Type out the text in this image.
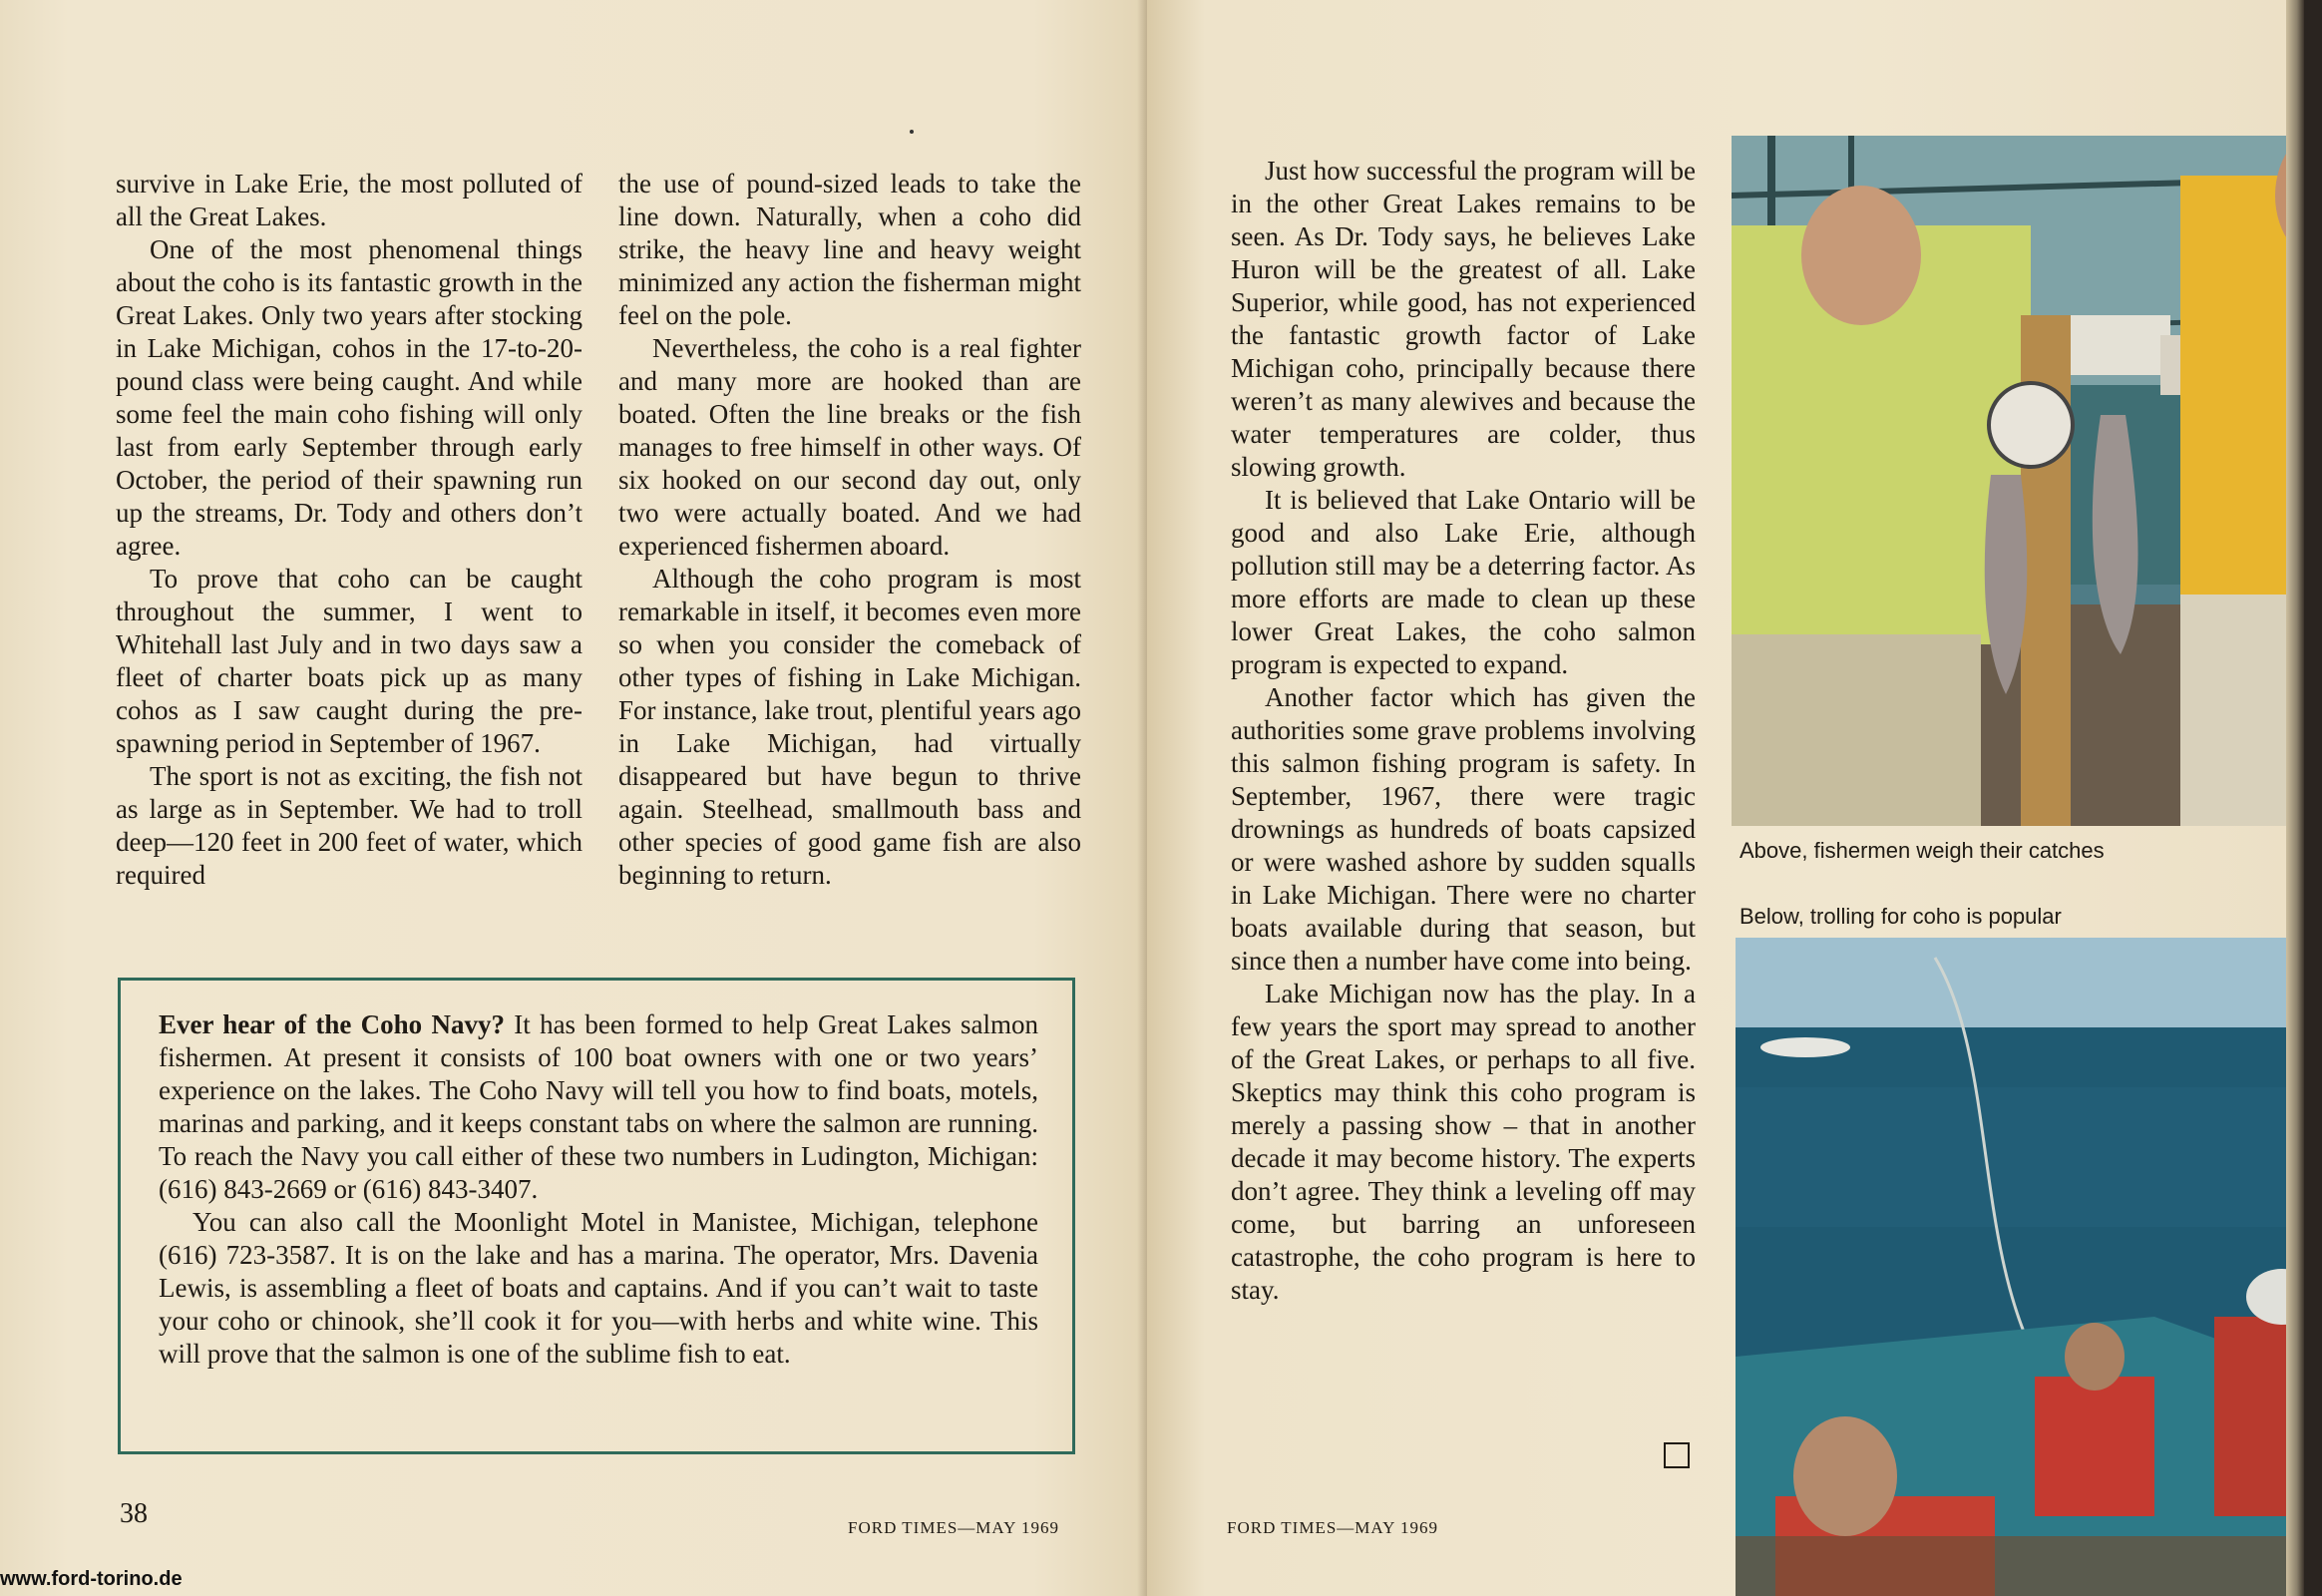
survive in Lake Erie, the most polluted of all the Great Lakes.

One of the most phenomenal things about the coho is its fantastic growth in the Great Lakes. Only two years after stocking in Lake Michigan, cohos in the 17-to-20-pound class were being caught. And while some feel the main coho fishing will only last from early September through early October, the period of their spawning run up the streams, Dr. Tody and others don’t agree.

To prove that coho can be caught throughout the summer, I went to Whitehall last July and in two days saw a fleet of charter boats pick up as many cohos as I saw caught during the pre-spawning period in September of 1967.

The sport is not as exciting, the fish not as large as in September. We had to troll deep—120 feet in 200 feet of water, which required

the use of pound-sized leads to take the line down. Naturally, when a coho did strike, the heavy line and heavy weight minimized any action the fisherman might feel on the pole.

Nevertheless, the coho is a real fighter and many more are hooked than are boated. Often the line breaks or the fish manages to free himself in other ways. Of six hooked on our second day out, only two were actually boated. And we had experienced fishermen aboard.

Although the coho program is most remarkable in itself, it becomes even more so when you consider the comeback of other types of fishing in Lake Michigan. For instance, lake trout, plentiful years ago in Lake Michigan, had virtually disappeared but have begun to thrive again. Steelhead, smallmouth bass and other species of good game fish are also beginning to return.

Ever hear of the Coho Navy? It has been formed to help Great Lakes salmon fishermen. At present it consists of 100 boat owners with one or two years’ experience on the lakes. The Coho Navy will tell you how to find boats, motels, marinas and parking, and it keeps constant tabs on where the salmon are running. To reach the Navy you call either of these two numbers in Ludington, Michigan: (616) 843-2669 or (616) 843-3407.

You can also call the Moonlight Motel in Manistee, Michigan, telephone (616) 723-3587. It is on the lake and has a marina. The operator, Mrs. Davenia Lewis, is assembling a fleet of boats and captains. And if you can’t wait to taste your coho or chinook, she’ll cook it for you—with herbs and white wine. This will prove that the salmon is one of the sublime fish to eat.

38	FORD TIMES—MAY 1969

Just how successful the program will be in the other Great Lakes remains to be seen. As Dr. Tody says, he believes Lake Huron will be the greatest of all. Lake Superior, while good, has not experienced the fantastic growth factor of Lake Michigan coho, principally because there weren’t as many alewives and because the water temperatures are colder, thus slowing growth.

It is believed that Lake Ontario will be good and also Lake Erie, although pollution still may be a deterring factor. As more efforts are made to clean up these lower Great Lakes, the coho salmon program is expected to expand.

Another factor which has given the authorities some grave problems involving this salmon fishing program is safety. In September, 1967, there were tragic drownings as hundreds of boats capsized or were washed ashore by sudden squalls in Lake Michigan. There were no charter boats available during that season, but since then a number have come into being.

Lake Michigan now has the play. In a few years the sport may spread to another of the Great Lakes, or perhaps to all five. Skeptics may think this coho program is merely a passing show – that in another decade it may become history. The experts don’t agree. They think a leveling off may come, but barring an unforeseen catastrophe, the coho program is here to stay.

Above, fishermen weigh their catches
Below, trolling for coho is popular
FORD TIMES—MAY 1969
www.ford-torino.de
